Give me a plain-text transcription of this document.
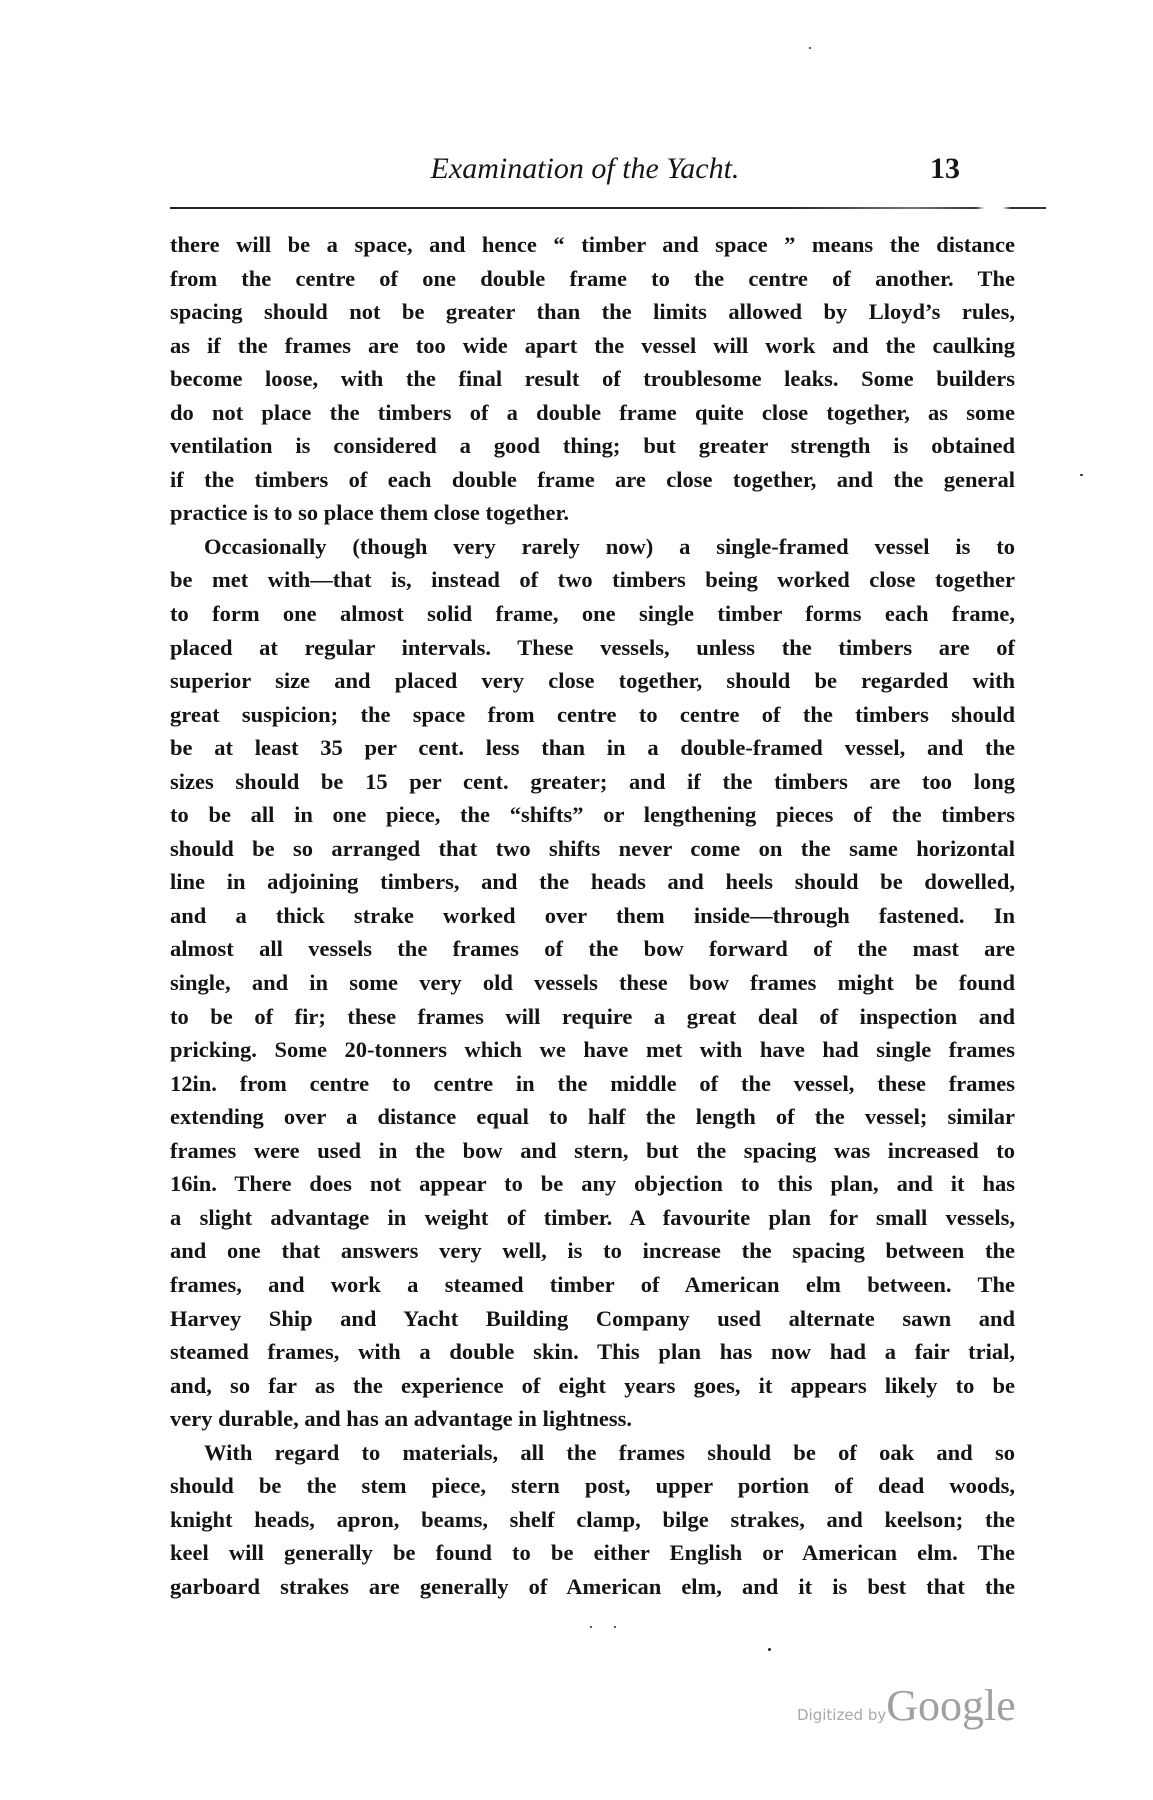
Examination of the Yacht.	13
there will be a space, and hence “ timber and space ” means the distance
from the centre of one double frame to the centre of another. The
spacing should not be greater than the limits allowed by Lloyd’s rules,
as if the frames are too wide apart the vessel will work and the caulking
become loose, with the final result of troublesome leaks. Some builders
do not place the timbers of a double frame quite close together, as some
ventilation is considered a good thing; but greater strength is obtained
if the timbers of each double frame are close together, and the general
practice is to so place them close together.
Occasionally (though very rarely now) a single-framed vessel is to
be met with—that is, instead of two timbers being worked close together
to form one almost solid frame, one single timber forms each frame,
placed at regular intervals. These vessels, unless the timbers are of
superior size and placed very close together, should be regarded with
great suspicion; the space from centre to centre of the timbers should
be at least 35 per cent. less than in a double-framed vessel, and the
sizes should be 15 per cent. greater; and if the timbers are too long
to be all in one piece, the “shifts” or lengthening pieces of the timbers
should be so arranged that two shifts never come on the same horizontal
line in adjoining timbers, and the heads and heels should be dowelled,
and a thick strake worked over them inside—through fastened. In
almost all vessels the frames of the bow forward of the mast are
single, and in some very old vessels these bow frames might be found
to be of fir; these frames will require a great deal of inspection and
pricking. Some 20-tonners which we have met with have had single frames
12in. from centre to centre in the middle of the vessel, these frames
extending over a distance equal to half the length of the vessel; similar
frames were used in the bow and stern, but the spacing was increased to
16in. There does not appear to be any objection to this plan, and it has
a slight advantage in weight of timber. A favourite plan for small vessels,
and one that answers very well, is to increase the spacing between the
frames, and work a steamed timber of American elm between. The
Harvey Ship and Yacht Building Company used alternate sawn and
steamed frames, with a double skin. This plan has now had a fair trial,
and, so far as the experience of eight years goes, it appears likely to be
very durable, and has an advantage in lightness.
With regard to materials, all the frames should be of oak and so
should be the stem piece, stern post, upper portion of dead woods,
knight heads, apron, beams, shelf clamp, bilge strakes, and keelson; the
keel will generally be found to be either English or American elm. The
garboard strakes are generally of American elm, and it is best that the
Digitized byGoogle
